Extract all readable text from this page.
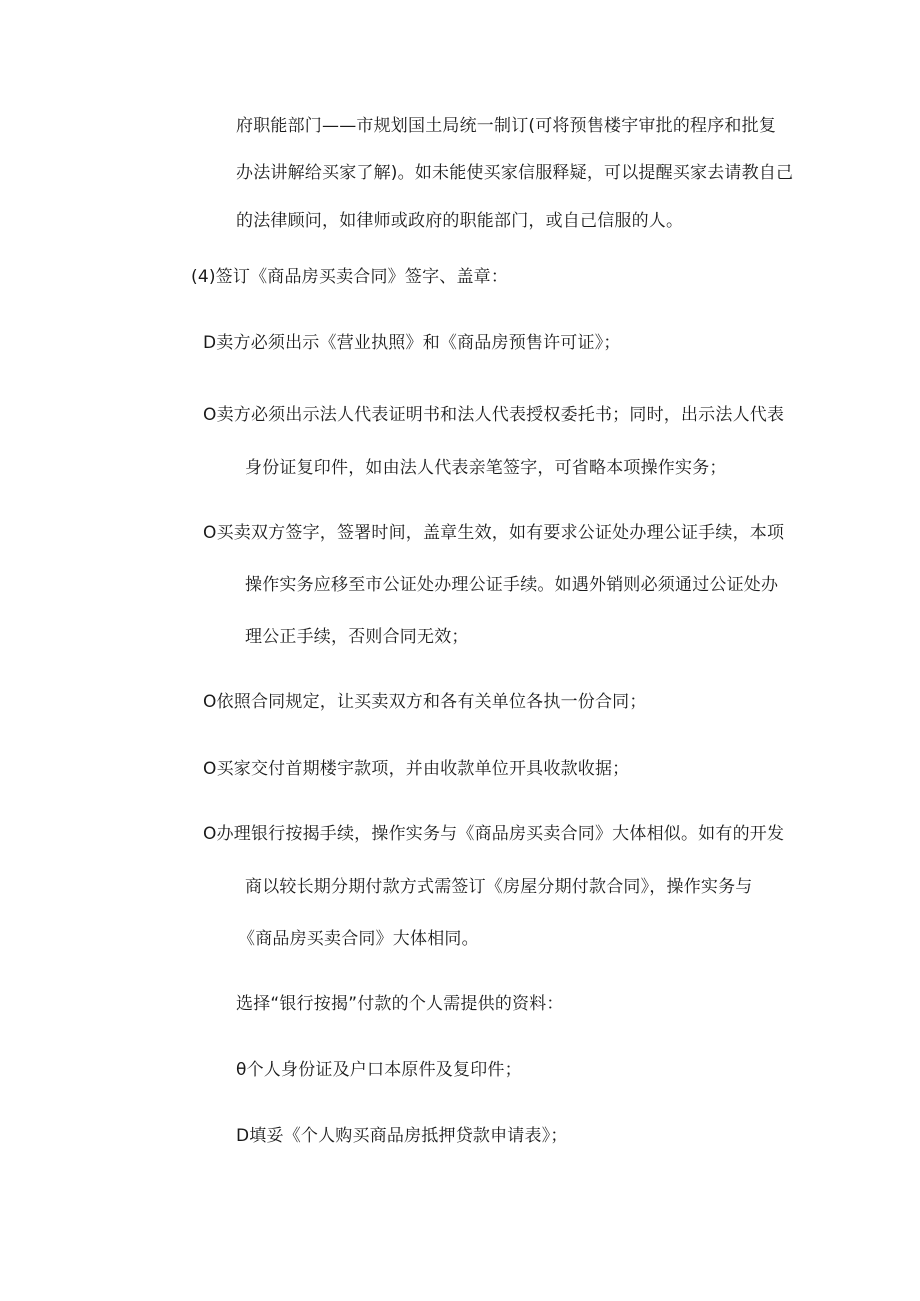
府职能部门——市规划国土局统一制订(可将预售楼宇审批的程序和批复
办法讲解给买家了解)。如未能使买家信服释疑，可以提醒买家去请教自己
的法律顾问，如律师或政府的职能部门，或自己信服的人。
(4)签订《商品房买卖合同》签字、盖章：
D卖方必须出示《营业执照》和《商品房预售许可证》；
O卖方必须出示法人代表证明书和法人代表授权委托书；同时，出示法人代表
身份证复印件，如由法人代表亲笔签字，可省略本项操作实务；
O买卖双方签字，签署时间，盖章生效，如有要求公证处办理公证手续，本项
操作实务应移至市公证处办理公证手续。如遇外销则必须通过公证处办
理公正手续，否则合同无效；
O依照合同规定，让买卖双方和各有关单位各执一份合同；
O买家交付首期楼宇款项，并由收款单位开具收款收据；
O办理银行按揭手续，操作实务与《商品房买卖合同》大体相似。如有的开发
商以较长期分期付款方式需签订《房屋分期付款合同》，操作实务与
《商品房买卖合同》大体相同。
选择“银行按揭”付款的个人需提供的资料：
θ个人身份证及户口本原件及复印件；
D填妥《个人购买商品房抵押贷款申请表》；
